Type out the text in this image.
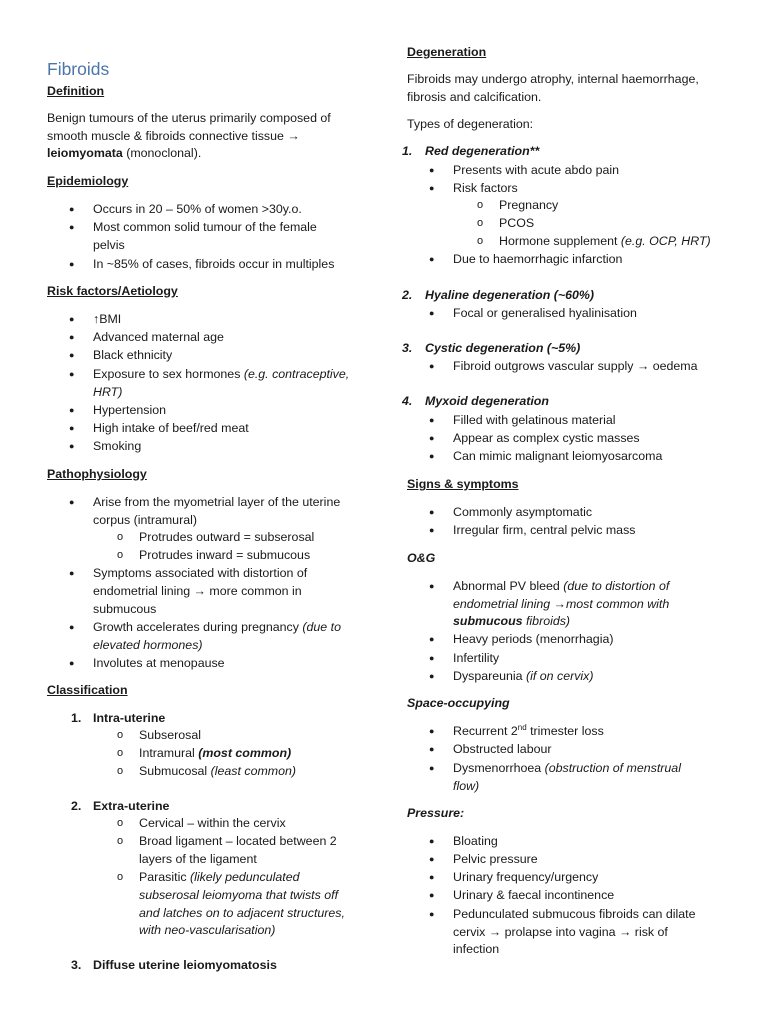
Fibroids
Definition
Benign tumours of the uterus primarily composed of
smooth muscle & fibroids connective tissue →
leiomyomata (monoclonal).
Epidemiology
● Occurs in 20 – 50% of women >30y.o.
● Most common solid tumour of the female
pelvis
● In ~85% of cases, fibroids occur in multiples
Risk factors/Aetiology
● ↑BMI
● Advanced maternal age
● Black ethnicity
● Exposure to sex hormones (e.g. contraceptive,
HRT)
● Hypertension
● High intake of beef/red meat
● Smoking
Pathophysiology
● Arise from the myometrial layer of the uterine
corpus (intramural)
o Protrudes outward = subserosal
o Protrudes inward = submucous
● Symptoms associated with distortion of
endometrial lining → more common in
submucous
● Growth accelerates during pregnancy (due to
elevated hormones)
● Involutes at menopause
Classification
1. Intra-uterine
o Subserosal
o Intramural (most common)
o Submucosal (least common)
2. Extra-uterine
o Cervical – within the cervix
o Broad ligament – located between 2
layers of the ligament
o Parasitic (likely pedunculated
subserosal leiomyoma that twists off
and latches on to adjacent structures,
with neo-vascularisation)
3. Diffuse uterine leiomyomatosis
Degeneration
Fibroids may undergo atrophy, internal haemorrhage,
fibrosis and calcification.
Types of degeneration:
1. Red degeneration**
● Presents with acute abdo pain
● Risk factors
o Pregnancy
o PCOS
o Hormone supplement (e.g. OCP, HRT)
● Due to haemorrhagic infarction
2. Hyaline degeneration (~60%)
● Focal or generalised hyalinisation
3. Cystic degeneration (~5%)
● Fibroid outgrows vascular supply → oedema
4. Myxoid degeneration
● Filled with gelatinous material
● Appear as complex cystic masses
● Can mimic malignant leiomyosarcoma
Signs & symptoms
● Commonly asymptomatic
● Irregular firm, central pelvic mass
O&G
● Abnormal PV bleed (due to distortion of
endometrial lining →most common with
submucous fibroids)
● Heavy periods (menorrhagia)
● Infertility
● Dyspareunia (if on cervix)
Space-occupying
● Recurrent 2nd trimester loss
● Obstructed labour
● Dysmenorrhoea (obstruction of menstrual
flow)
Pressure:
● Bloating
● Pelvic pressure
● Urinary frequency/urgency
● Urinary & faecal incontinence
● Pedunculated submucous fibroids can dilate
cervix → prolapse into vagina → risk of
infection
